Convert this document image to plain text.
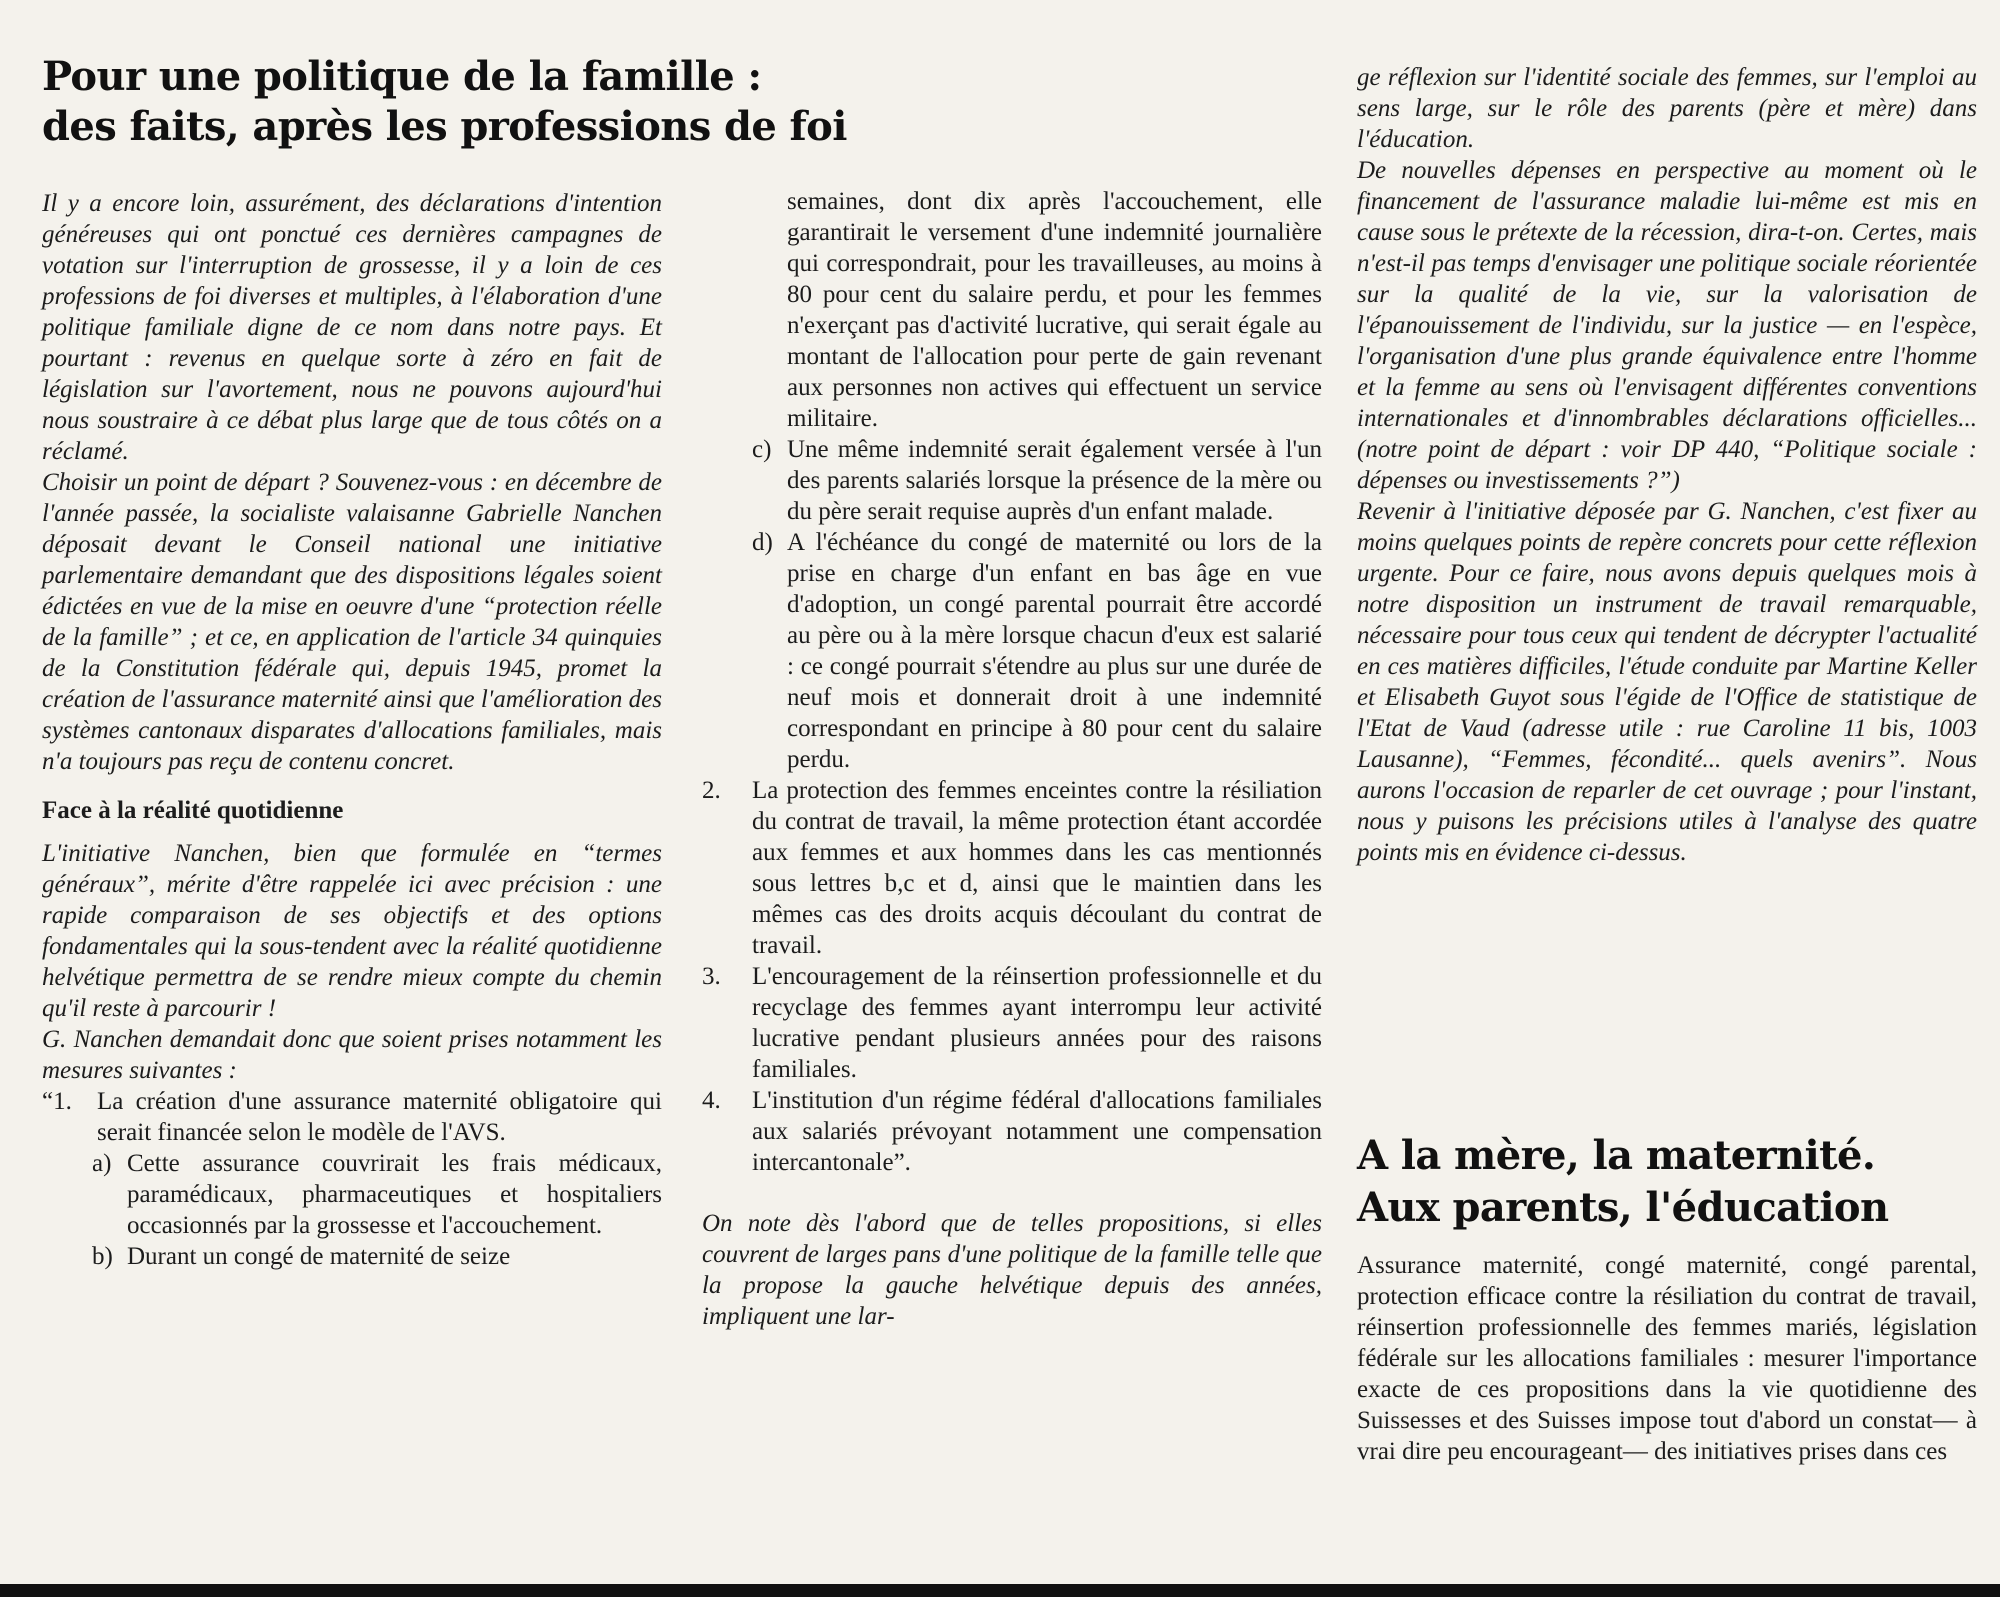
Pour une politique de la famille :
des faits, après les professions de foi

Il y a encore loin, assurément, des déclarations d'intention généreuses qui ont ponctué ces dernières campagnes de votation sur l'interruption de grossesse, il y a loin de ces professions de foi diverses et multiples, à l'élaboration d'une politique familiale digne de ce nom dans notre pays. Et pourtant : revenus en quelque sorte à zéro en fait de législation sur l'avortement, nous ne pouvons aujourd'hui nous soustraire à ce débat plus large que de tous côtés on a réclamé.

Choisir un point de départ ? Souvenez-vous : en décembre de l'année passée, la socialiste valaisanne Gabrielle Nanchen déposait devant le Conseil national une initiative parlementaire demandant que des dispositions légales soient édictées en vue de la mise en oeuvre d'une “protection réelle de la famille” ; et ce, en application de l'article 34 quinquies de la Constitution fédérale qui, depuis 1945, promet la création de l'assurance maternité ainsi que l'amélioration des systèmes cantonaux disparates d'allocations familiales, mais n'a toujours pas reçu de contenu concret.

Face à la réalité quotidienne

L'initiative Nanchen, bien que formulée en “termes généraux”, mérite d'être rappelée ici avec précision : une rapide comparaison de ses objectifs et des options fondamentales qui la sous-tendent avec la réalité quotidienne helvétique permettra de se rendre mieux compte du chemin qu'il reste à parcourir !

G. Nanchen demandait donc que soient prises notamment les mesures suivantes :

“1. La création d'une assurance maternité obligatoire qui serait financée selon le modèle de l'AVS.
a) Cette assurance couvrirait les frais médicaux, paramédicaux, pharmaceutiques et hospitaliers occasionnés par la grossesse et l'accouchement.
b) Durant un congé de maternité de seize
semaines, dont dix après l'accouchement, elle garantirait le versement d'une indemnité journalière qui correspondrait, pour les travailleuses, au moins à 80 pour cent du salaire perdu, et pour les femmes n'exerçant pas d'activité lucrative, qui serait égale au montant de l'allocation pour perte de gain revenant aux personnes non actives qui effectuent un service militaire.
c) Une même indemnité serait également versée à l'un des parents salariés lorsque la présence de la mère ou du père serait requise auprès d'un enfant malade.
d) A l'échéance du congé de maternité ou lors de la prise en charge d'un enfant en bas âge en vue d'adoption, un congé parental pourrait être accordé au père ou à la mère lorsque chacun d'eux est salarié : ce congé pourrait s'étendre au plus sur une durée de neuf mois et donnerait droit à une indemnité correspondant en principe à 80 pour cent du salaire perdu.
2. La protection des femmes enceintes contre la résiliation du contrat de travail, la même protection étant accordée aux femmes et aux hommes dans les cas mentionnés sous lettres b,c et d, ainsi que le maintien dans les mêmes cas des droits acquis découlant du contrat de travail.
3. L'encouragement de la réinsertion professionnelle et du recyclage des femmes ayant interrompu leur activité lucrative pendant plusieurs années pour des raisons familiales.
4. L'institution d'un régime fédéral d'allocations familiales aux salariés prévoyant notamment une compensation intercantonale”.

On note dès l'abord que de telles propositions, si elles couvrent de larges pans d'une politique de la famille telle que la propose la gauche helvétique depuis des années, impliquent une lar-

ge réflexion sur l'identité sociale des femmes, sur l'emploi au sens large, sur le rôle des parents (père et mère) dans l'éducation.

De nouvelles dépenses en perspective au moment où le financement de l'assurance maladie lui-même est mis en cause sous le prétexte de la récession, dira-t-on. Certes, mais n'est-il pas temps d'envisager une politique sociale réorientée sur la qualité de la vie, sur la valorisation de l'épanouissement de l'individu, sur la justice — en l'espèce, l'organisation d'une plus grande équivalence entre l'homme et la femme au sens où l'envisagent différentes conventions internationales et d'innombrables déclarations officielles... (notre point de départ : voir DP 440, “Politique sociale : dépenses ou investissements ?”)

Revenir à l'initiative déposée par G. Nanchen, c'est fixer au moins quelques points de repère concrets pour cette réflexion urgente. Pour ce faire, nous avons depuis quelques mois à notre disposition un instrument de travail remarquable, nécessaire pour tous ceux qui tendent de décrypter l'actualité en ces matières difficiles, l'étude conduite par Martine Keller et Elisabeth Guyot sous l'égide de l'Office de statistique de l'Etat de Vaud (adresse utile : rue Caroline 11 bis, 1003 Lausanne), “Femmes, fécondité... quels avenirs”. Nous aurons l'occasion de reparler de cet ouvrage ; pour l'instant, nous y puisons les précisions utiles à l'analyse des quatre points mis en évidence ci-dessus.

A la mère, la maternité.
Aux parents, l'éducation

Assurance maternité, congé maternité, congé parental, protection efficace contre la résiliation du contrat de travail, réinsertion professionnelle des femmes mariés, législation fédérale sur les allocations familiales : mesurer l'importance exacte de ces propositions dans la vie quotidienne des Suissesses et des Suisses impose tout d'abord un constat— à vrai dire peu encourageant— des initiatives prises dans ces
